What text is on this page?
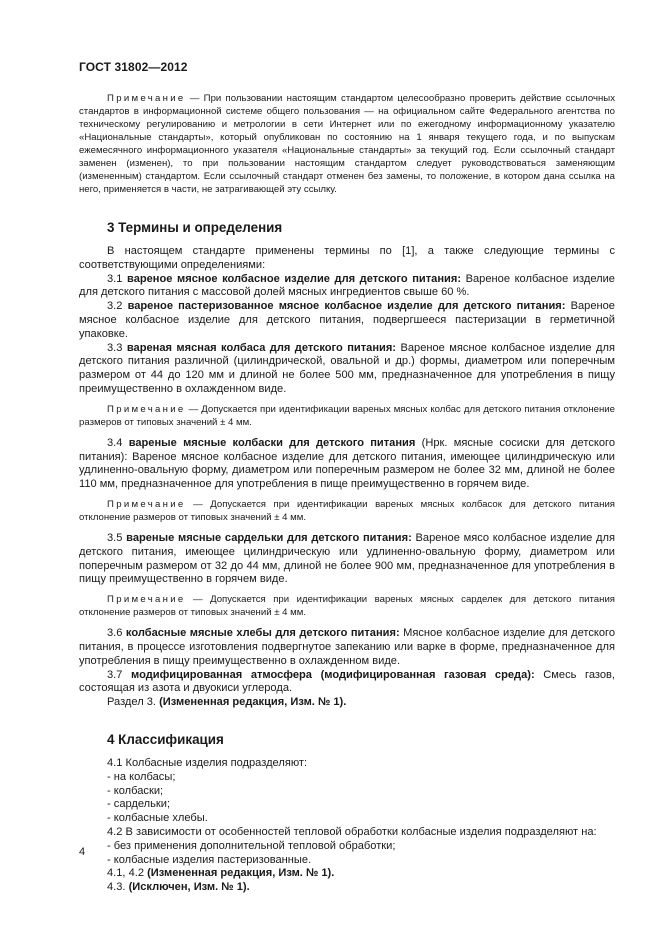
ГОСТ 31802—2012

Примечание — При пользовании настоящим стандартом целесообразно проверить действие ссылочных стандартов в информационной системе общего пользования — на официальном сайте Федерального агентства по техническому регулированию и метрологии в сети Интернет или по ежегодному информационному указателю «Национальные стандарты», который опубликован по состоянию на 1 января текущего года, и по выпускам ежемесячного информационного указателя «Национальные стандарты» за текущий год. Если ссылочный стандарт заменен (изменен), то при пользовании настоящим стандартом следует руководствоваться заменяющим (измененным) стандартом. Если ссылочный стандарт отменен без замены, то положение, в котором дана ссылка на него, применяется в части, не затрагивающей эту ссылку.

3 Термины и определения

В настоящем стандарте применены термины по [1], а также следующие термины с соответствующими определениями:

3.1 вареное мясное колбасное изделие для детского питания: Вареное колбасное изделие для детского питания с массовой долей мясных ингредиентов свыше 60 %.

3.2 вареное пастеризованное мясное колбасное изделие для детского питания: Вареное мясное колбасное изделие для детского питания, подвергшееся пастеризации в герметичной упаковке.

3.3 вареная мясная колбаса для детского питания: Вареное мясное колбасное изделие для детского питания различной (цилиндрической, овальной и др.) формы, диаметром или поперечным размером от 44 до 120 мм и длиной не более 500 мм, предназначенное для употребления в пищу преимущественно в охлажденном виде.

Примечание — Допускается при идентификации вареных мясных колбас для детского питания отклонение размеров от типовых значений ± 4 мм.

3.4 вареные мясные колбаски для детского питания (Нрк. мясные сосиски для детского питания): Вареное мясное колбасное изделие для детского питания, имеющее цилиндрическую или удлиненно-овальную форму, диаметром или поперечным размером не более 32 мм, длиной не более 110 мм, предназначенное для употребления в пище преимущественно в горячем виде.

Примечание — Допускается при идентификации вареных мясных колбасок для детского питания отклонение размеров от типовых значений ± 4 мм.

3.5 вареные мясные сардельки для детского питания: Вареное мясо колбасное изделие для детского питания, имеющее цилиндрическую или удлиненно-овальную форму, диаметром или поперечным размером от 32 до 44 мм, длиной не более 900 мм, предназначенное для употребления в пищу преимущественно в горячем виде.

Примечание — Допускается при идентификации вареных мясных сарделек для детского питания отклонение размеров от типовых значений ± 4 мм.

3.6 колбасные мясные хлебы для детского питания: Мясное колбасное изделие для детского питания, в процессе изготовления подвергнутое запеканию или варке в форме, предназначенное для употребления в пищу преимущественно в охлажденном виде.

3.7 модифицированная атмосфера (модифицированная газовая среда): Смесь газов, состоящая из азота и двуокиси углерода.

Раздел 3. (Измененная редакция, Изм. № 1).

4 Классификация

4.1 Колбасные изделия подразделяют:

- на колбасы;

- колбаски;

- сардельки;

- колбасные хлебы.

4.2 В зависимости от особенностей тепловой обработки колбасные изделия подразделяют на:

- без применения дополнительной тепловой обработки;

- колбасные изделия пастеризованные.

4.1, 4.2 (Измененная редакция, Изм. № 1).

4.3. (Исключен, Изм. № 1).

4
